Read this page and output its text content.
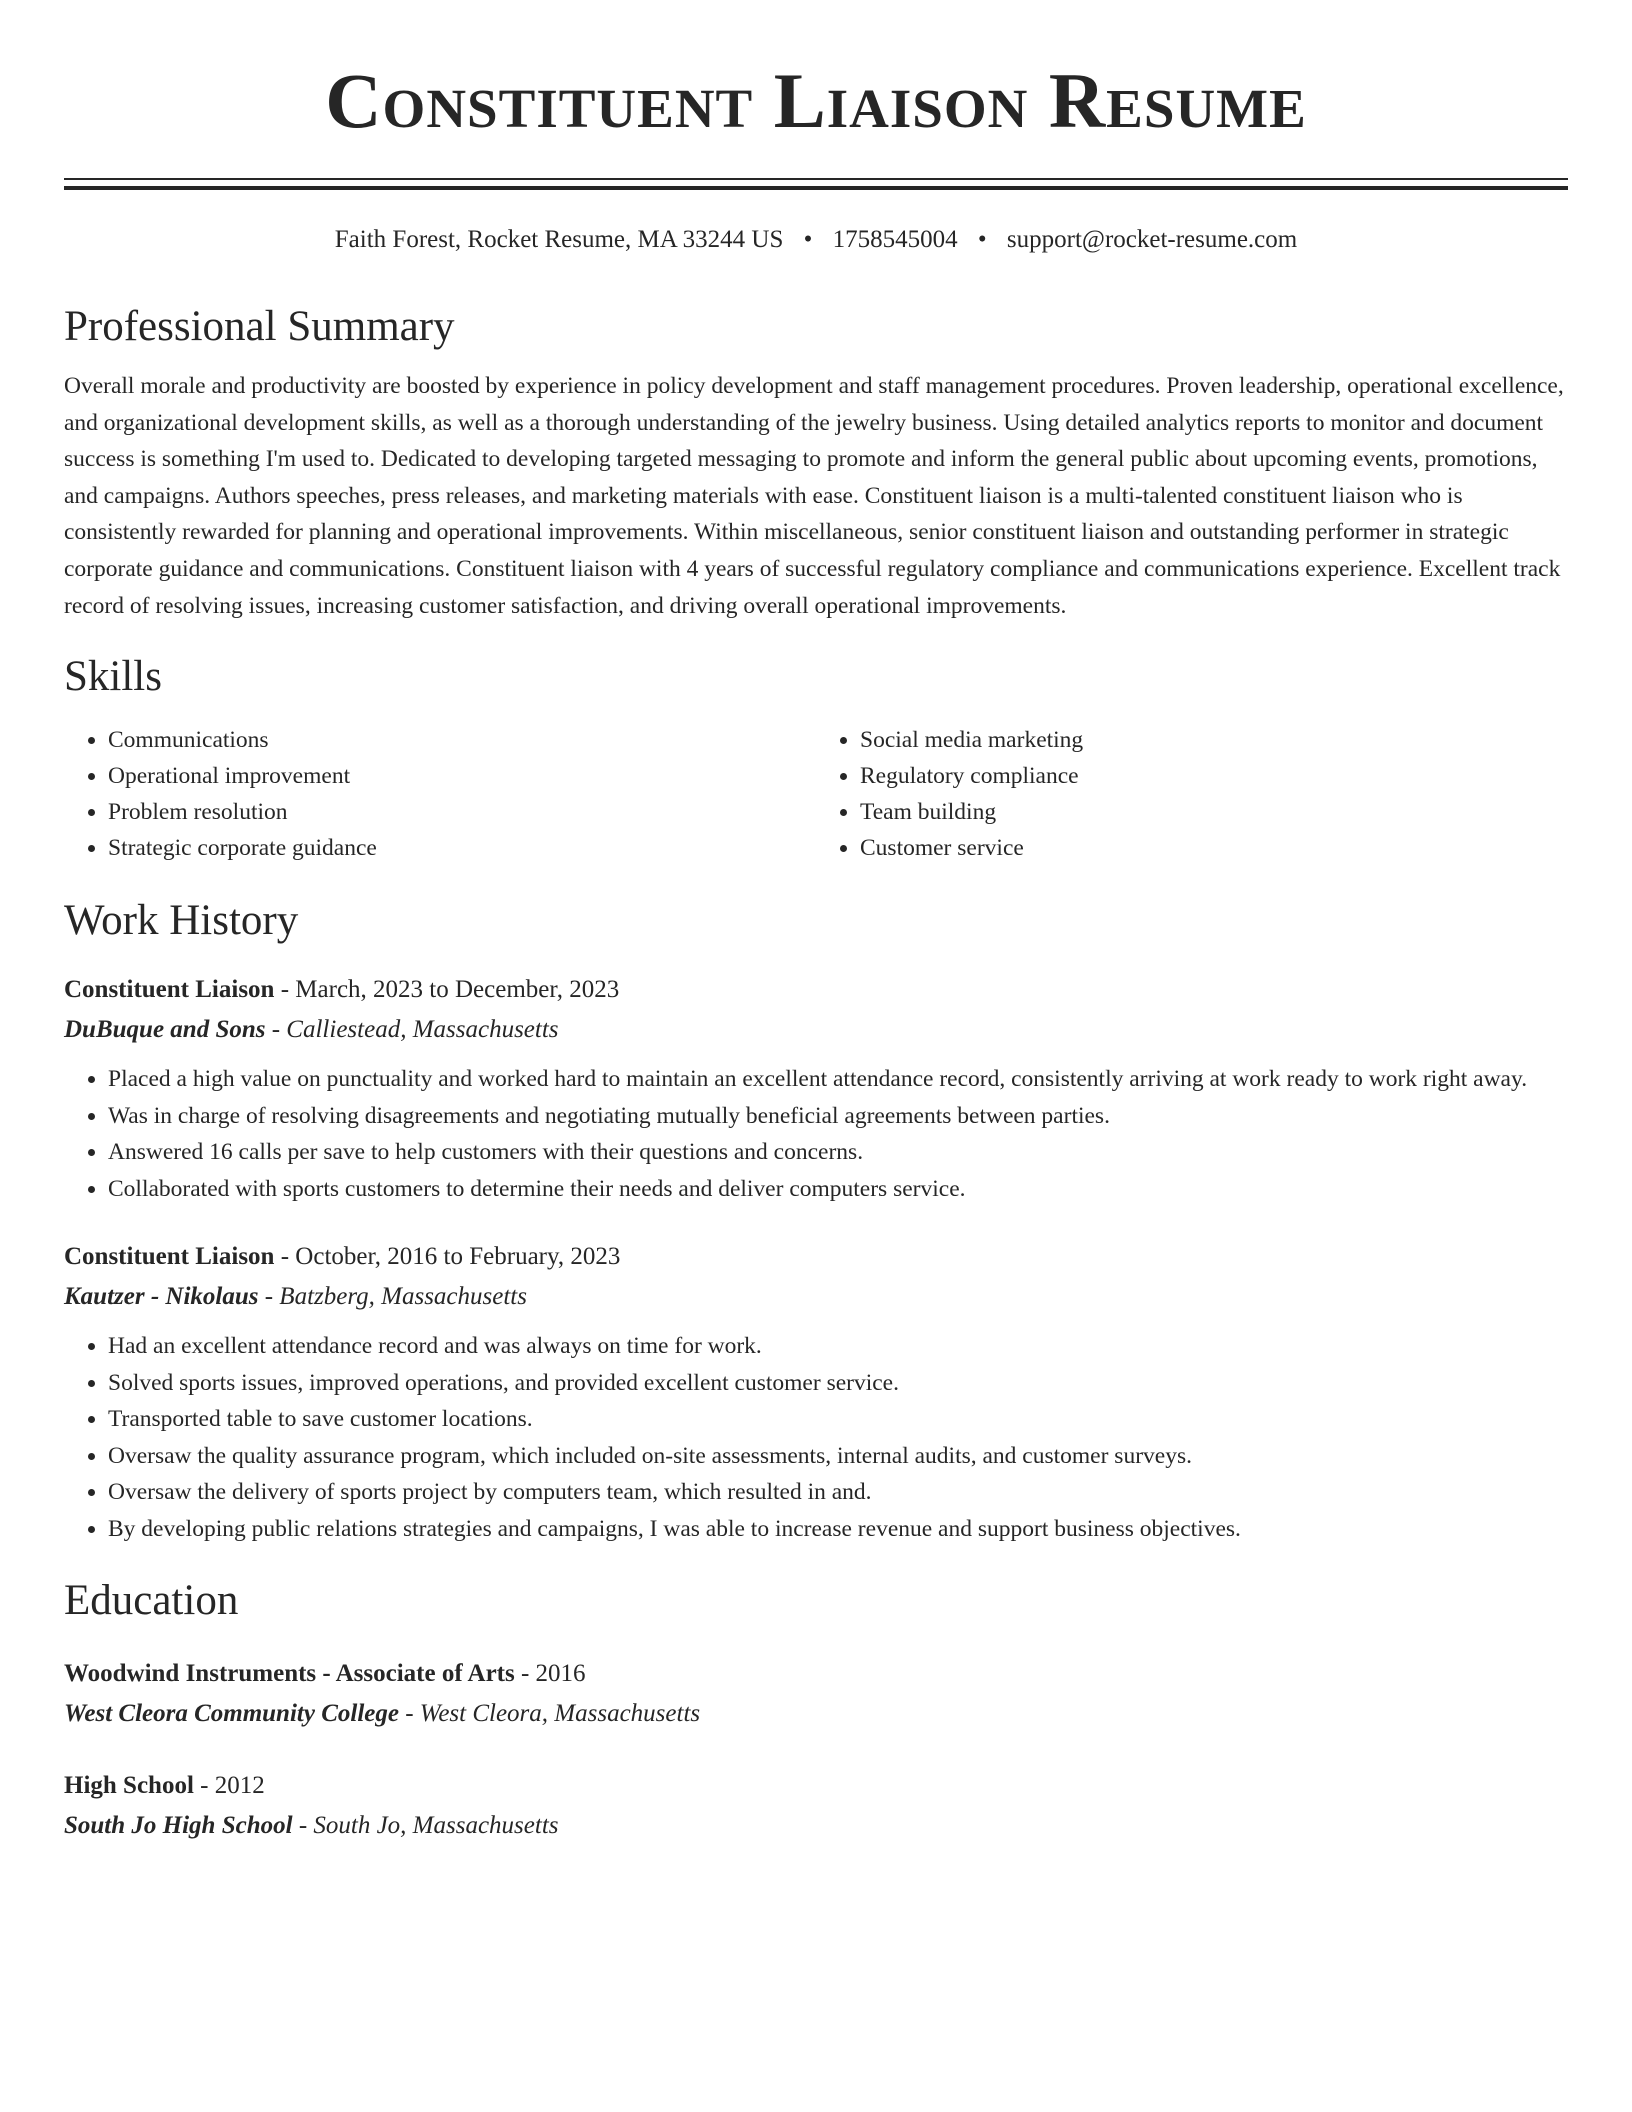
Constituent Liaison Resume
Faith Forest, Rocket Resume, MA 33244 US • 1758545004 • support@rocket-resume.com
Professional Summary

Overall morale and productivity are boosted by experience in policy development and staff management procedures. Proven leadership, operational excellence, and organizational development skills, as well as a thorough understanding of the jewelry business. Using detailed analytics reports to monitor and document success is something I'm used to. Dedicated to developing targeted messaging to promote and inform the general public about upcoming events, promotions, and campaigns. Authors speeches, press releases, and marketing materials with ease. Constituent liaison is a multi-talented constituent liaison who is consistently rewarded for planning and operational improvements. Within miscellaneous, senior constituent liaison and outstanding performer in strategic corporate guidance and communications. Constituent liaison with 4 years of successful regulatory compliance and communications experience. Excellent track record of resolving issues, increasing customer satisfaction, and driving overall operational improvements.

Skills
• Communications
• Operational improvement
• Problem resolution
• Strategic corporate guidance
• Social media marketing
• Regulatory compliance
• Team building
• Customer service
Work History
Constituent Liaison - March, 2023 to December, 2023
DuBuque and Sons - Calliestead, Massachusetts
• Placed a high value on punctuality and worked hard to maintain an excellent attendance record, consistently arriving at work ready to work right away.
• Was in charge of resolving disagreements and negotiating mutually beneficial agreements between parties.
• Answered 16 calls per save to help customers with their questions and concerns.
• Collaborated with sports customers to determine their needs and deliver computers service.
Constituent Liaison - October, 2016 to February, 2023
Kautzer - Nikolaus - Batzberg, Massachusetts
• Had an excellent attendance record and was always on time for work.
• Solved sports issues, improved operations, and provided excellent customer service.
• Transported table to save customer locations.
• Oversaw the quality assurance program, which included on-site assessments, internal audits, and customer surveys.
• Oversaw the delivery of sports project by computers team, which resulted in and.
• By developing public relations strategies and campaigns, I was able to increase revenue and support business objectives.
Education
Woodwind Instruments - Associate of Arts - 2016
West Cleora Community College - West Cleora, Massachusetts
High School - 2012
South Jo High School - South Jo, Massachusetts
